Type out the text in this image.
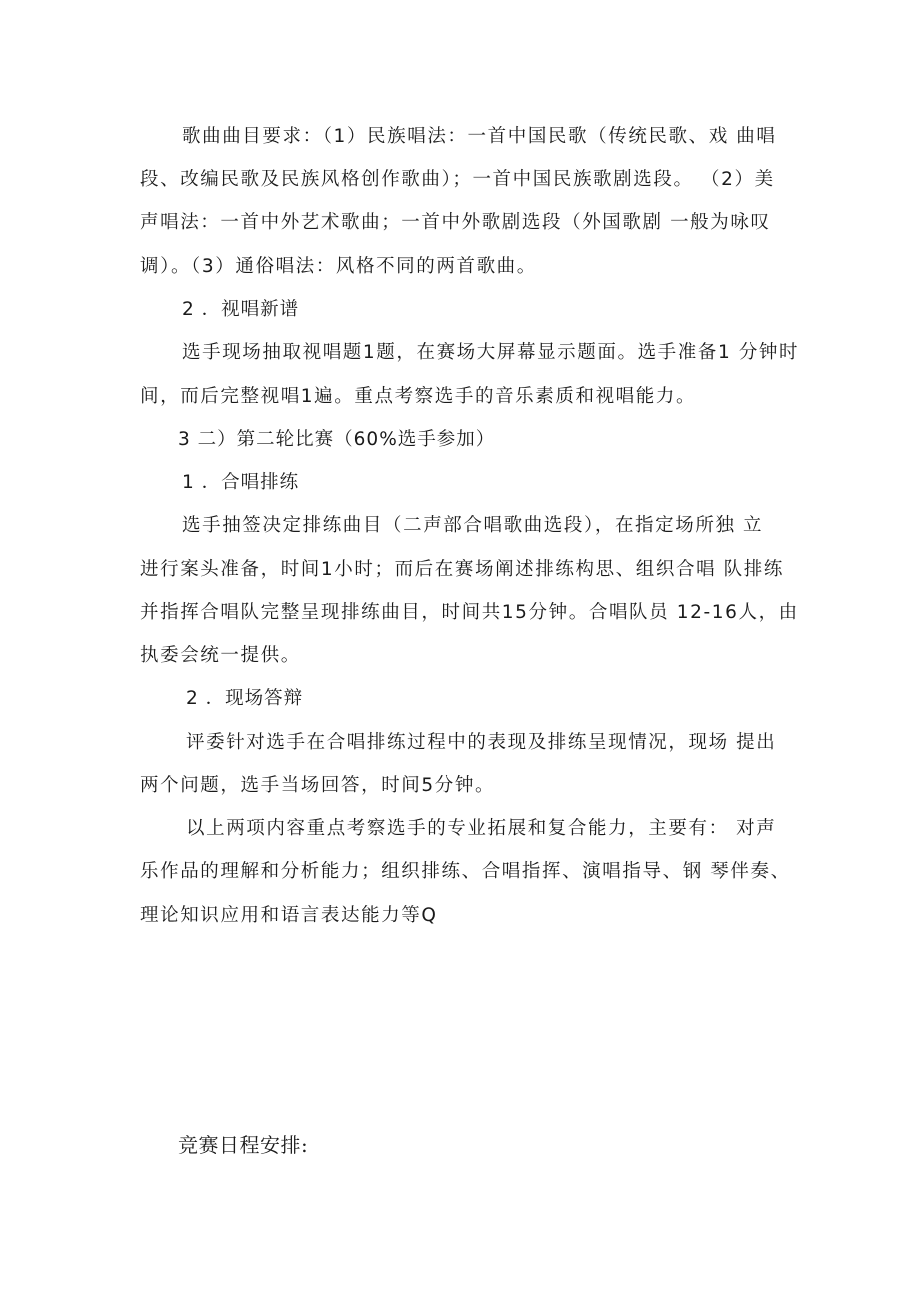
歌曲曲目要求：（1）民族唱法：一首中国民歌（传统民歌、戏 曲唱
段、改编民歌及民族风格创作歌曲）；一首中国民族歌剧选段。 （2）美
声唱法：一首中外艺术歌曲；一首中外歌剧选段（外国歌剧 一般为咏叹
调）。（3）通俗唱法：风格不同的两首歌曲。
2 ．视唱新谱
选手现场抽取视唱题1题，在赛场大屏幕显示题面。选手准备1 分钟时
间，而后完整视唱1遍。重点考察选手的音乐素质和视唱能力。
3 二）第二轮比赛（60%选手参加）
1 ．合唱排练
选手抽签决定排练曲目（二声部合唱歌曲选段），在指定场所独 立
进行案头准备，时间1小时；而后在赛场阐述排练构思、组织合唱 队排练
并指挥合唱队完整呈现排练曲目，时间共15分钟。合唱队员 12-16人，由
执委会统一提供。
2 ．现场答辩
评委针对选手在合唱排练过程中的表现及排练呈现情况，现场 提出
两个问题，选手当场回答，时间5分钟。
以上两项内容重点考察选手的专业拓展和复合能力，主要有： 对声
乐作品的理解和分析能力；组织排练、合唱指挥、演唱指导、钢 琴伴奏、
理论知识应用和语言表达能力等Q
竞赛日程安排:
